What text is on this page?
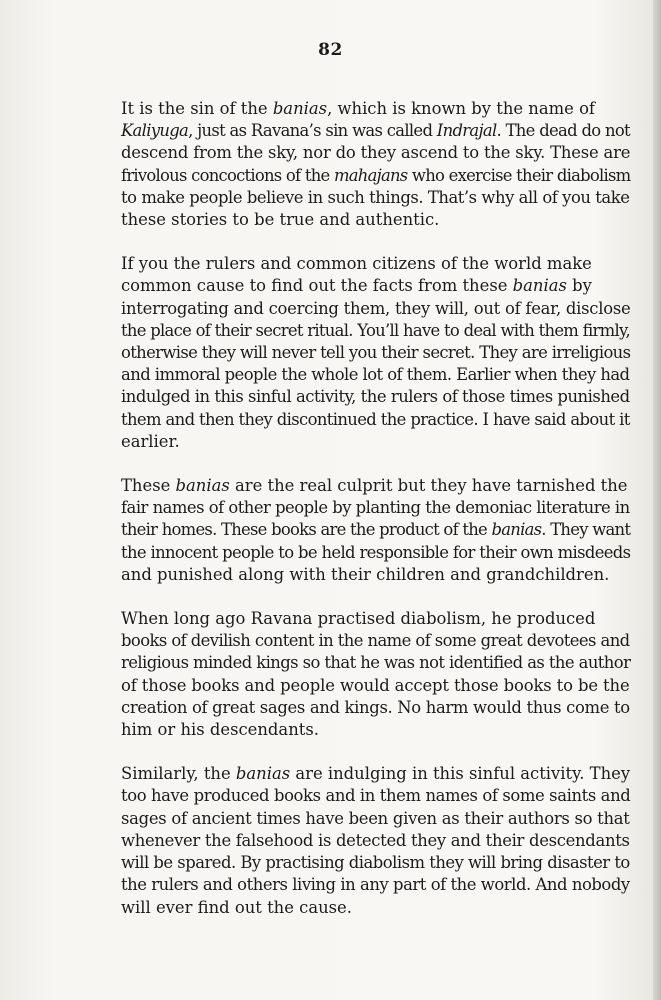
82

It is the sin of the banias, which is known by the name of
Kaliyuga, just as Ravana’s sin was called Indrajal. The dead do not
descend from the sky, nor do they ascend to the sky. These are
frivolous concoctions of the mahajans who exercise their diabolism
to make people believe in such things. That’s why all of you take
these stories to be true and authentic.

If you the rulers and common citizens of the world make
common cause to find out the facts from these banias by
interrogating and coercing them, they will, out of fear, disclose
the place of their secret ritual. You’ll have to deal with them firmly,
otherwise they will never tell you their secret. They are irreligious
and immoral people the whole lot of them. Earlier when they had
indulged in this sinful activity, the rulers of those times punished
them and then they discontinued the practice. I have said about it
earlier.

These banias are the real culprit but they have tarnished the
fair names of other people by planting the demoniac literature in
their homes. These books are the product of the banias. They want
the innocent people to be held responsible for their own misdeeds
and punished along with their children and grandchildren.

When long ago Ravana practised diabolism, he produced
books of devilish content in the name of some great devotees and
religious minded kings so that he was not identified as the author
of those books and people would accept those books to be the
creation of great sages and kings. No harm would thus come to
him or his descendants.

Similarly, the banias are indulging in this sinful activity. They
too have produced books and in them names of some saints and
sages of ancient times have been given as their authors so that
whenever the falsehood is detected they and their descendants
will be spared. By practising diabolism they will bring disaster to
the rulers and others living in any part of the world. And nobody
will ever find out the cause.
